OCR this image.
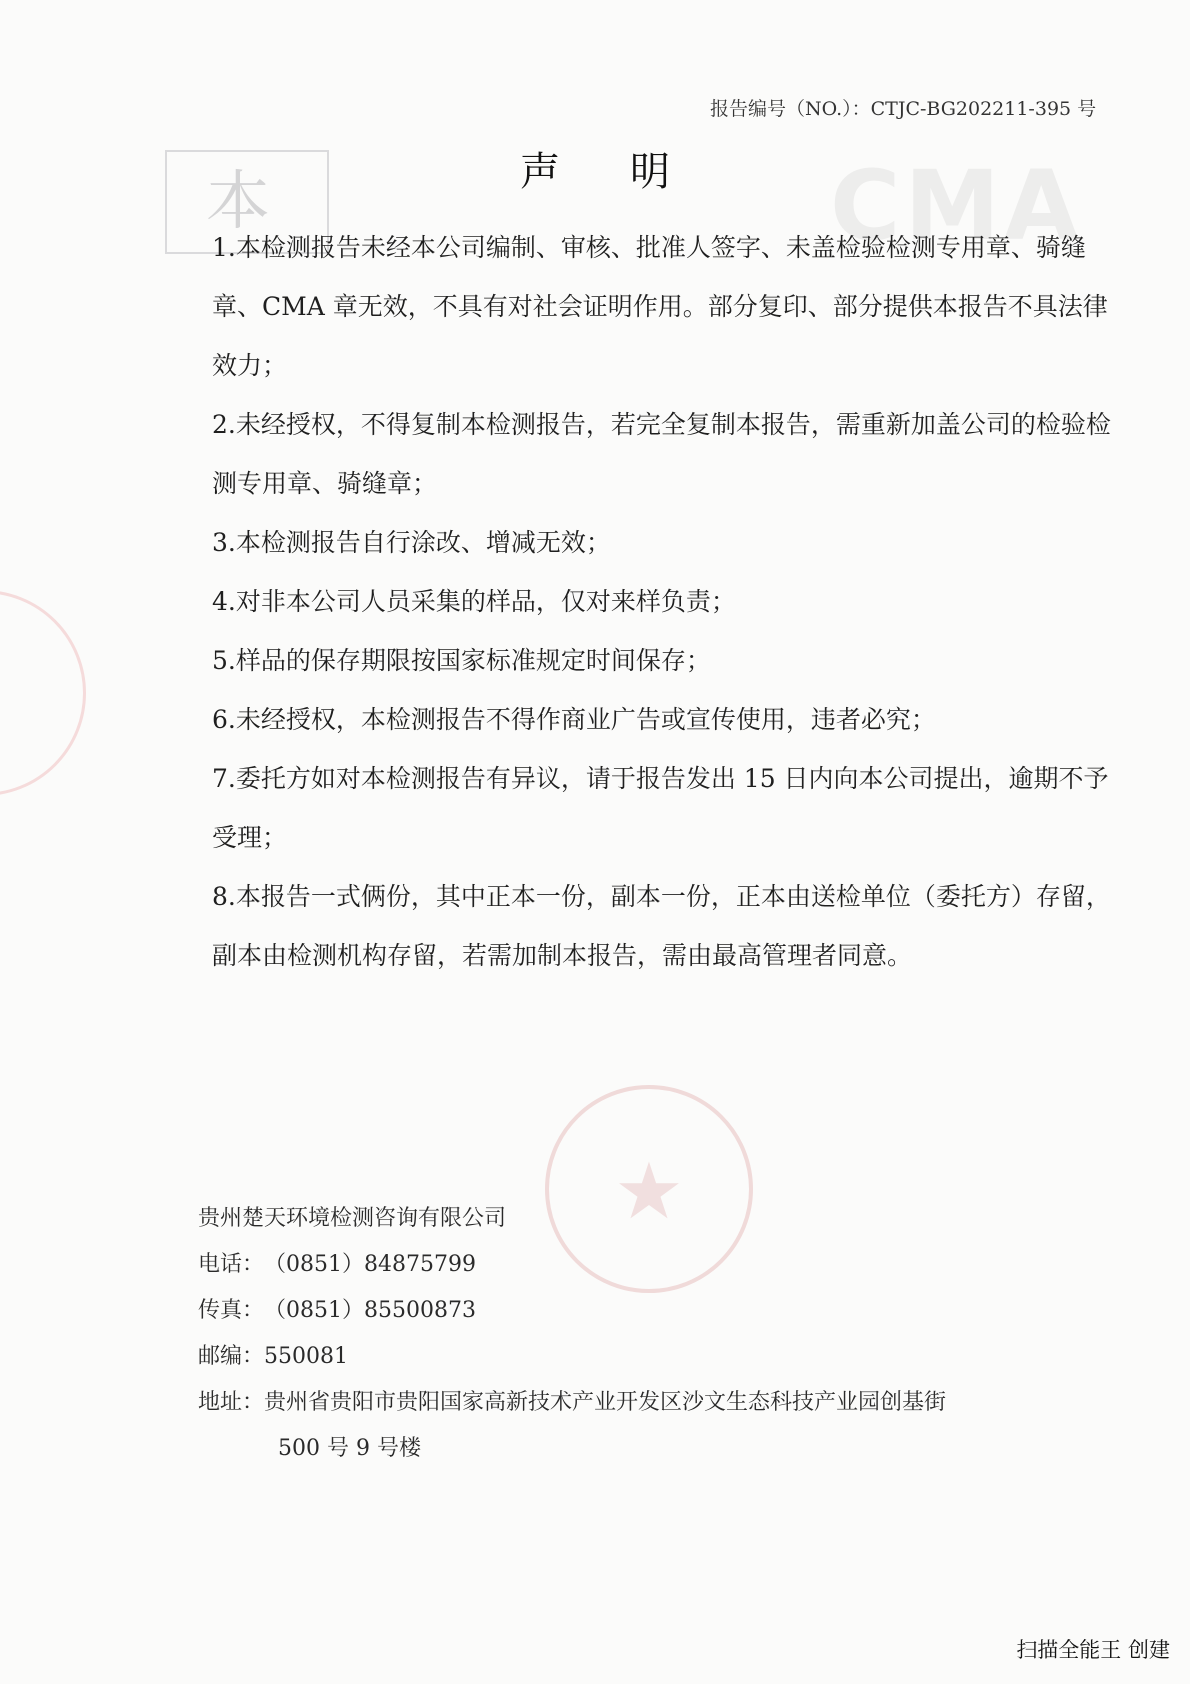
本	CMA
★
报告编号（NO.）：CTJC-BG202211-395 号
声明

1.本检测报告未经本公司编制、审核、批准人签字、未盖检验检测专用章、骑缝章、CMA 章无效，不具有对社会证明作用。部分复印、部分提供本报告不具法律效力；

2.未经授权，不得复制本检测报告，若完全复制本报告，需重新加盖公司的检验检测专用章、骑缝章；

3.本检测报告自行涂改、增减无效；

4.对非本公司人员采集的样品，仅对来样负责；

5.样品的保存期限按国家标准规定时间保存；

6.未经授权，本检测报告不得作商业广告或宣传使用，违者必究；

7.委托方如对本检测报告有异议，请于报告发出 15 日内向本公司提出，逾期不予受理；

8.本报告一式俩份，其中正本一份，副本一份，正本由送检单位（委托方）存留，副本由检测机构存留，若需加制本报告，需由最高管理者同意。

贵州楚天环境检测咨询有限公司
电话：（0851）84875799
传真：（0851）85500873
邮编：550081
地址：贵州省贵阳市贵阳国家高新技术产业开发区沙文生态科技产业园创基街
500 号 9 号楼
扫描全能王 创建
